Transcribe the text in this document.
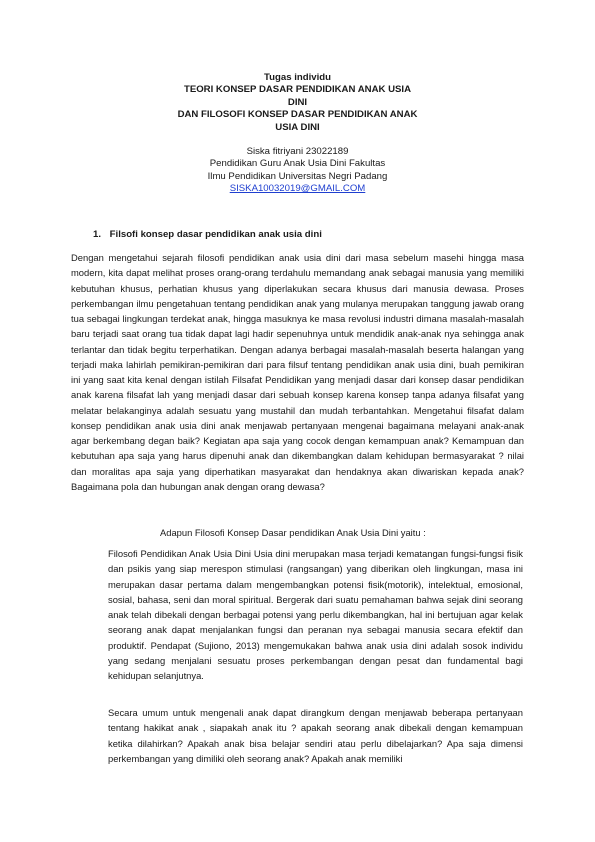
Tugas individu
TEORI KONSEP DASAR PENDIDIKAN ANAK USIA
DINI
DAN FILOSOFI KONSEP DASAR PENDIDIKAN ANAK
USIA DINI
Siska fitriyani 23022189
Pendidikan Guru Anak Usia Dini Fakultas
Ilmu Pendidikan Universitas Negri Padang
SISKA10032019@GMAIL.COM
1. Filsofi konsep dasar pendidikan anak usia dini
Dengan mengetahui sejarah filosofi pendidikan anak usia dini dari masa sebelum masehi hingga masa modern, kita dapat melihat proses orang-orang terdahulu memandang anak sebagai manusia yang memiliki kebutuhan khusus, perhatian khusus yang diperlakukan secara khusus dari manusia dewasa. Proses perkembangan ilmu pengetahuan tentang pendidikan anak yang mulanya merupakan tanggung jawab orang tua sebagai lingkungan terdekat anak, hingga masuknya ke masa revolusi industri dimana masalah-masalah baru terjadi saat orang tua tidak dapat lagi hadir sepenuhnya untuk mendidik anak-anak nya sehingga anak terlantar dan tidak begitu terperhatikan. Dengan adanya berbagai masalah-masalah beserta halangan yang terjadi maka lahirlah pemikiran-pemikiran dari para filsuf tentang pendidikan anak usia dini, buah pemikiran ini yang saat kita kenal dengan istilah Filsafat Pendidikan yang menjadi dasar dari konsep dasar pendidikan anak karena filsafat lah yang menjadi dasar dari sebuah konsep karena konsep tanpa adanya filsafat yang melatar belakanginya adalah sesuatu yang mustahil dan mudah terbantahkan. Mengetahui filsafat dalam konsep pendidikan anak usia dini anak menjawab pertanyaan mengenai bagaimana melayani anak-anak agar berkembang degan baik? Kegiatan apa saja yang cocok dengan kemampuan anak? Kemampuan dan kebutuhan apa saja yang harus dipenuhi anak dan dikembangkan dalam kehidupan bermasyarakat ? nilai dan moralitas apa saja yang diperhatikan masyarakat dan hendaknya akan diwariskan kepada anak? Bagaimana pola dan hubungan anak dengan orang dewasa?
Adapun Filosofi Konsep Dasar pendidikan Anak Usia Dini yaitu :
Filosofi Pendidikan Anak Usia Dini Usia dini merupakan masa terjadi kematangan fungsi-fungsi fisik dan psikis yang siap merespon stimulasi (rangsangan) yang diberikan oleh lingkungan, masa ini merupakan dasar pertama dalam mengembangkan potensi fisik(motorik), intelektual, emosional, sosial, bahasa, seni dan moral spiritual. Bergerak dari suatu pemahaman bahwa sejak dini seorang anak telah dibekali dengan berbagai potensi yang perlu dikembangkan, hal ini bertujuan agar kelak seorang anak dapat menjalankan fungsi dan peranan nya sebagai manusia secara efektif dan produktif. Pendapat (Sujiono, 2013) mengemukakan bahwa anak usia dini adalah sosok individu yang sedang menjalani sesuatu proses perkembangan dengan pesat dan fundamental bagi kehidupan selanjutnya.
Secara umum untuk mengenali anak dapat dirangkum dengan menjawab beberapa pertanyaan tentang hakikat anak , siapakah anak itu ? apakah seorang anak dibekali dengan kemampuan ketika dilahirkan? Apakah anak bisa belajar sendiri atau perlu dibelajarkan? Apa saja dimensi perkembangan yang dimiliki oleh seorang anak? Apakah anak memiliki
